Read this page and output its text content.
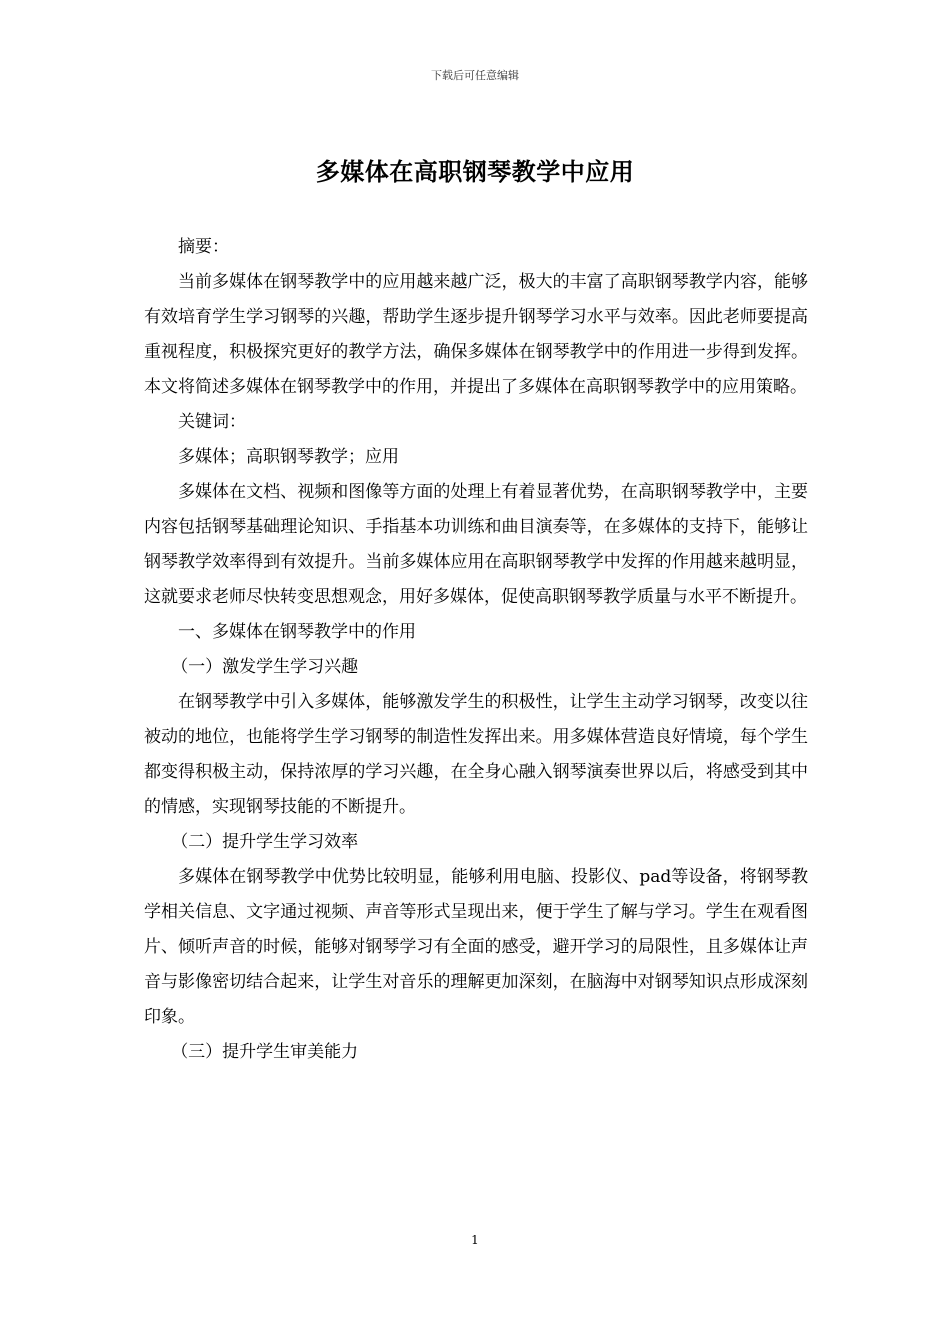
下载后可任意编辑
多媒体在高职钢琴教学中应用

摘要：

当前多媒体在钢琴教学中的应用越来越广泛，极大的丰富了高职钢琴教学内容，能够有效培育学生学习钢琴的兴趣，帮助学生逐步提升钢琴学习水平与效率。因此老师要提高重视程度，积极探究更好的教学方法，确保多媒体在钢琴教学中的作用进一步得到发挥。本文将简述多媒体在钢琴教学中的作用，并提出了多媒体在高职钢琴教学中的应用策略。

关键词：

多媒体；高职钢琴教学；应用

多媒体在文档、视频和图像等方面的处理上有着显著优势，在高职钢琴教学中，主要内容包括钢琴基础理论知识、手指基本功训练和曲目演奏等，在多媒体的支持下，能够让钢琴教学效率得到有效提升。当前多媒体应用在高职钢琴教学中发挥的作用越来越明显，这就要求老师尽快转变思想观念，用好多媒体，促使高职钢琴教学质量与水平不断提升。

一、多媒体在钢琴教学中的作用

（一）激发学生学习兴趣

在钢琴教学中引入多媒体，能够激发学生的积极性，让学生主动学习钢琴，改变以往被动的地位，也能将学生学习钢琴的制造性发挥出来。用多媒体营造良好情境，每个学生都变得积极主动，保持浓厚的学习兴趣，在全身心融入钢琴演奏世界以后，将感受到其中的情感，实现钢琴技能的不断提升。

（二）提升学生学习效率

多媒体在钢琴教学中优势比较明显，能够利用电脑、投影仪、pad等设备，将钢琴教学相关信息、文字通过视频、声音等形式呈现出来，便于学生了解与学习。学生在观看图片、倾听声音的时候，能够对钢琴学习有全面的感受，避开学习的局限性，且多媒体让声音与影像密切结合起来，让学生对音乐的理解更加深刻，在脑海中对钢琴知识点形成深刻印象。

（三）提升学生审美能力

1
